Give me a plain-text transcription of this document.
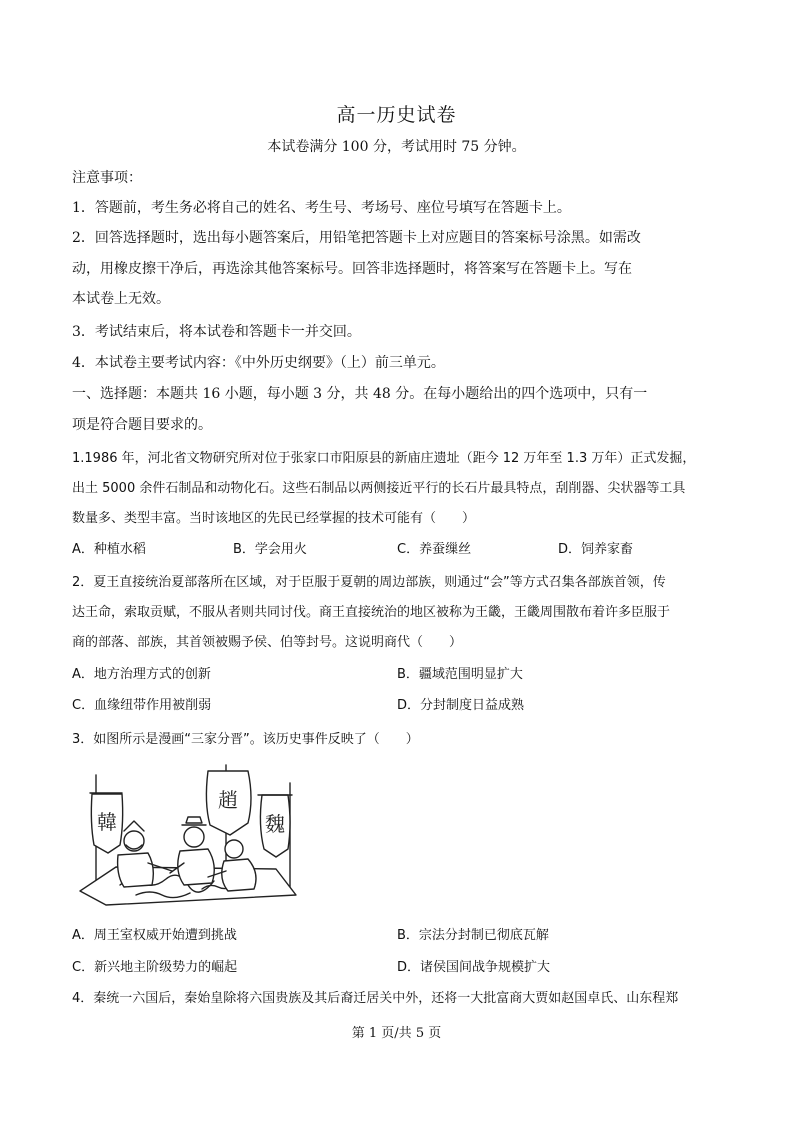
高一历史试卷
本试卷满分 100 分，考试用时 75 分钟。
注意事项：
1．答题前，考生务必将自己的姓名、考生号、考场号、座位号填写在答题卡上。
2．回答选择题时，选出每小题答案后，用铅笔把答题卡上对应题目的答案标号涂黑。如需改
动，用橡皮擦干净后，再选涂其他答案标号。回答非选择题时，将答案写在答题卡上。写在
本试卷上无效。
3．考试结束后，将本试卷和答题卡一并交回。
4．本试卷主要考试内容：《中外历史纲要》（上）前三单元。
一、选择题：本题共 16 小题，每小题 3 分，共 48 分。在每小题给出的四个选项中，只有一
项是符合题目要求的。
1.1986 年，河北省文物研究所对位于张家口市阳原县的新庙庄遗址（距今 12 万年至 1.3 万年）正式发掘，
出土 5000 余件石制品和动物化石。这些石制品以两侧接近平行的长石片最具特点，刮削器、尖状器等工具
数量多、类型丰富。当时该地区的先民已经掌握的技术可能有（　　）
A．种植水稻	B．学会用火	C．养蚕缫丝	D．饲养家畜
2．夏王直接统治夏部落所在区域，对于臣服于夏朝的周边部族，则通过“会”等方式召集各部族首领，传
达王命，索取贡赋，不服从者则共同讨伐。商王直接统治的地区被称为王畿，王畿周围散布着许多臣服于
商的部落、部族，其首领被赐予侯、伯等封号。这说明商代（　　）
A．地方治理方式的创新	B．疆域范围明显扩大
C．血缘纽带作用被削弱	D．分封制度日益成熟
3．如图所示是漫画“三家分晋”。该历史事件反映了（　　）
韓
趙
魏
A．周王室权威开始遭到挑战	B．宗法分封制已彻底瓦解
C．新兴地主阶级势力的崛起	D．诸侯国间战争规模扩大
4．秦统一六国后，秦始皇除将六国贵族及其后裔迁居关中外，还将一大批富商大贾如赵国卓氏、山东程郑
第 1 页/共 5 页
